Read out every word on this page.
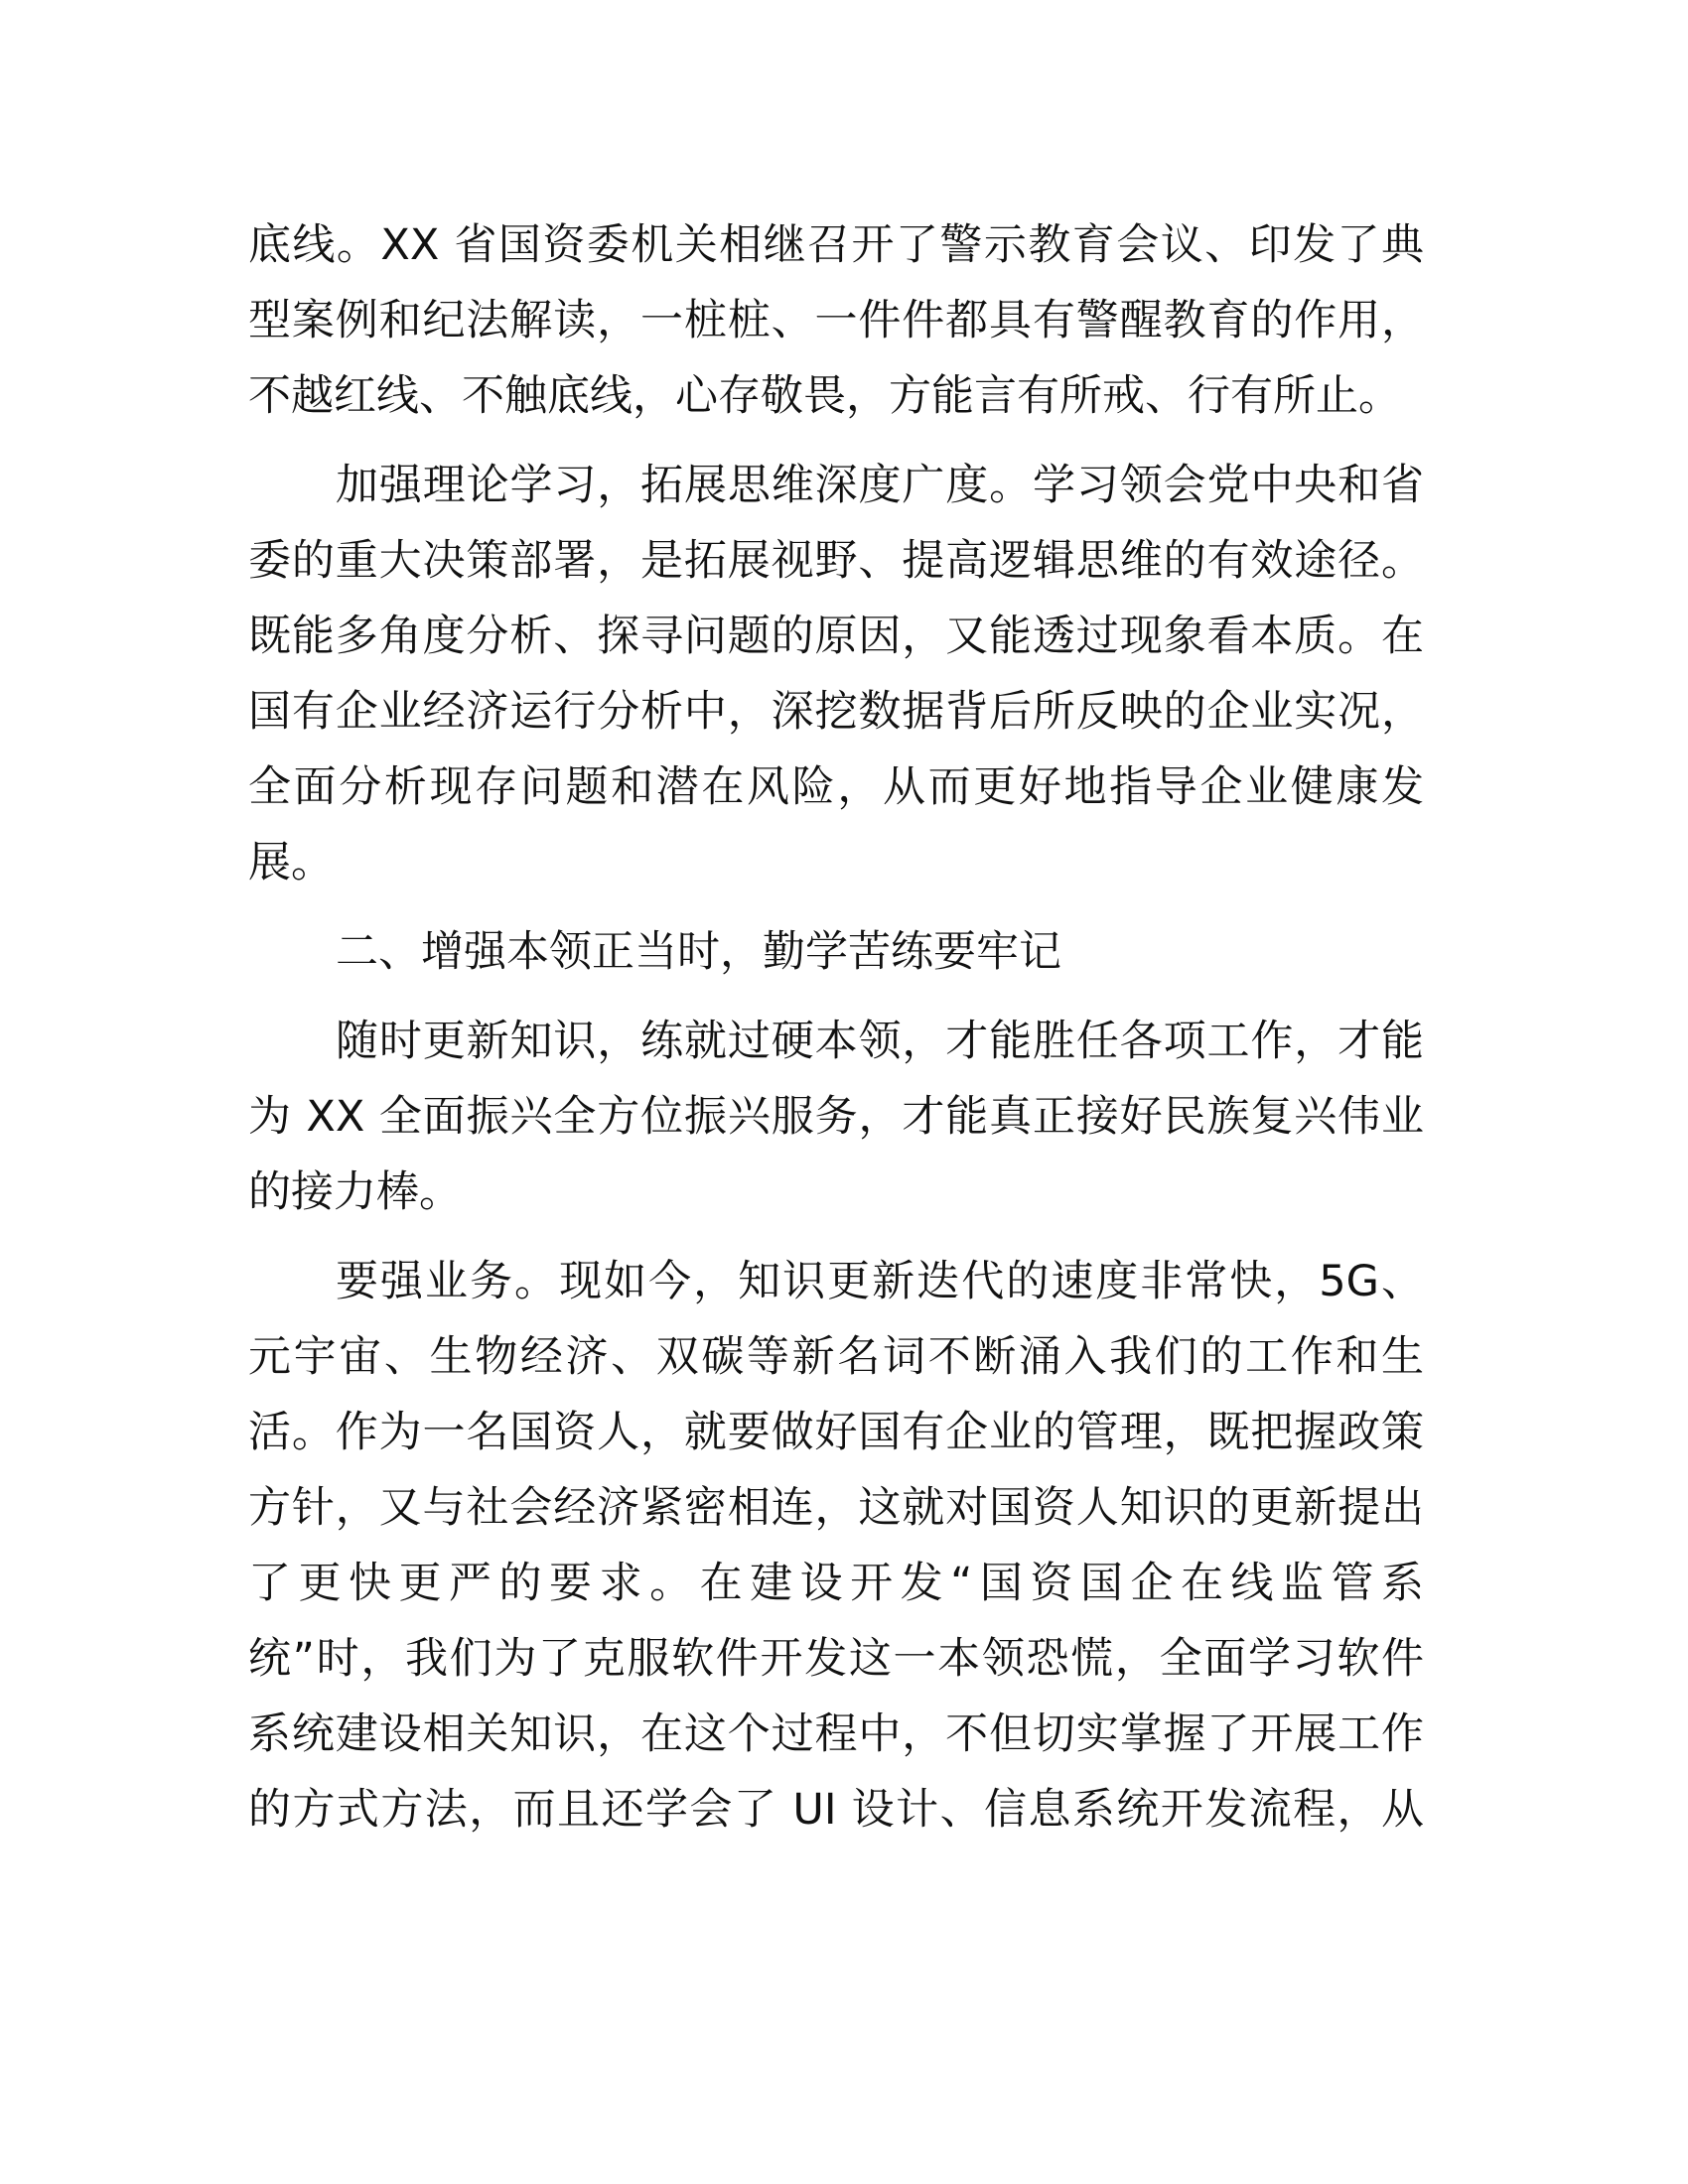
底线。XX 省国资委机关相继召开了警示教育会议、印发了典
型案例和纪法解读，一桩桩、一件件都具有警醒教育的作用，
不越红线、不触底线，心存敬畏，方能言有所戒、行有所止。
加强理论学习，拓展思维深度广度。学习领会党中央和省
委的重大决策部署，是拓展视野、提高逻辑思维的有效途径。
既能多角度分析、探寻问题的原因，又能透过现象看本质。在
国有企业经济运行分析中，深挖数据背后所反映的企业实况，
全面分析现存问题和潜在风险，从而更好地指导企业健康发
展。
二、增强本领正当时，勤学苦练要牢记
随时更新知识，练就过硬本领，才能胜任各项工作，才能
为 XX 全面振兴全方位振兴服务，才能真正接好民族复兴伟业
的接力棒。
要强业务。现如今，知识更新迭代的速度非常快，5G、
元宇宙、生物经济、双碳等新名词不断涌入我们的工作和生
活。作为一名国资人，就要做好国有企业的管理，既把握政策
方针，又与社会经济紧密相连，这就对国资人知识的更新提出
了更快更严的要求。在建设开发“国资国企在线监管系
统”时，我们为了克服软件开发这一本领恐慌，全面学习软件
系统建设相关知识，在这个过程中，不但切实掌握了开展工作
的方式方法，而且还学会了 UI 设计、信息系统开发流程，从
